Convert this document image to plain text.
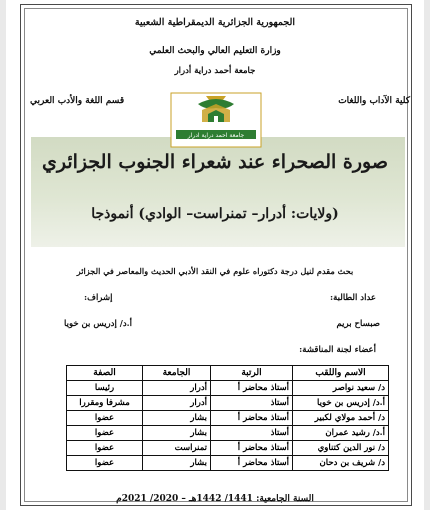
الجمهورية الجزائرية الديمقراطية الشعبية
وزارة التعليم العالي والبحث العلمي
جامعة أحمد دراية أدرار
كلية الآداب واللغات
قسم اللغة والأدب العربي
جامعة احمد دراية ادرار
صورة الصحراء عند شعراء الجنوب الجزائري
(ولايات: أدرار– تمنراست– الوادي) أنموذجا
بحث مقدم لنيل درجة دكتوراه علوم في النقد الأدبي الحديث والمعاصر في الجزائر
عداد الطالبة:
إشراف:
صبساح بريم
أ.د/ إدريس بن خويا
أعضاء لجنة المناقشة:
الاسم واللقب	الرتبة	الجامعة	الصفة
د/ سعيد نواصر	أستاذ محاضر أ	أدرار	رئيسا
أ.د/ إدريس بن خويا	أستاذ	أدرار	مشرفا ومقررا
د/ أحمد مولاي لكبير	أستاذ محاضر أ	بشار	عضوا
أ.د/ رشيد عمران	أستاذ	بشار	عضوا
د/ نور الدين كتناوي	أستاذ محاضر أ	تمنراست	عضوا
د/ شريف بن دحان	أستاذ محاضر أ	بشار	عضوا
السنة الجامعية: 1441/ 1442هـ – 2020/ 2021م
